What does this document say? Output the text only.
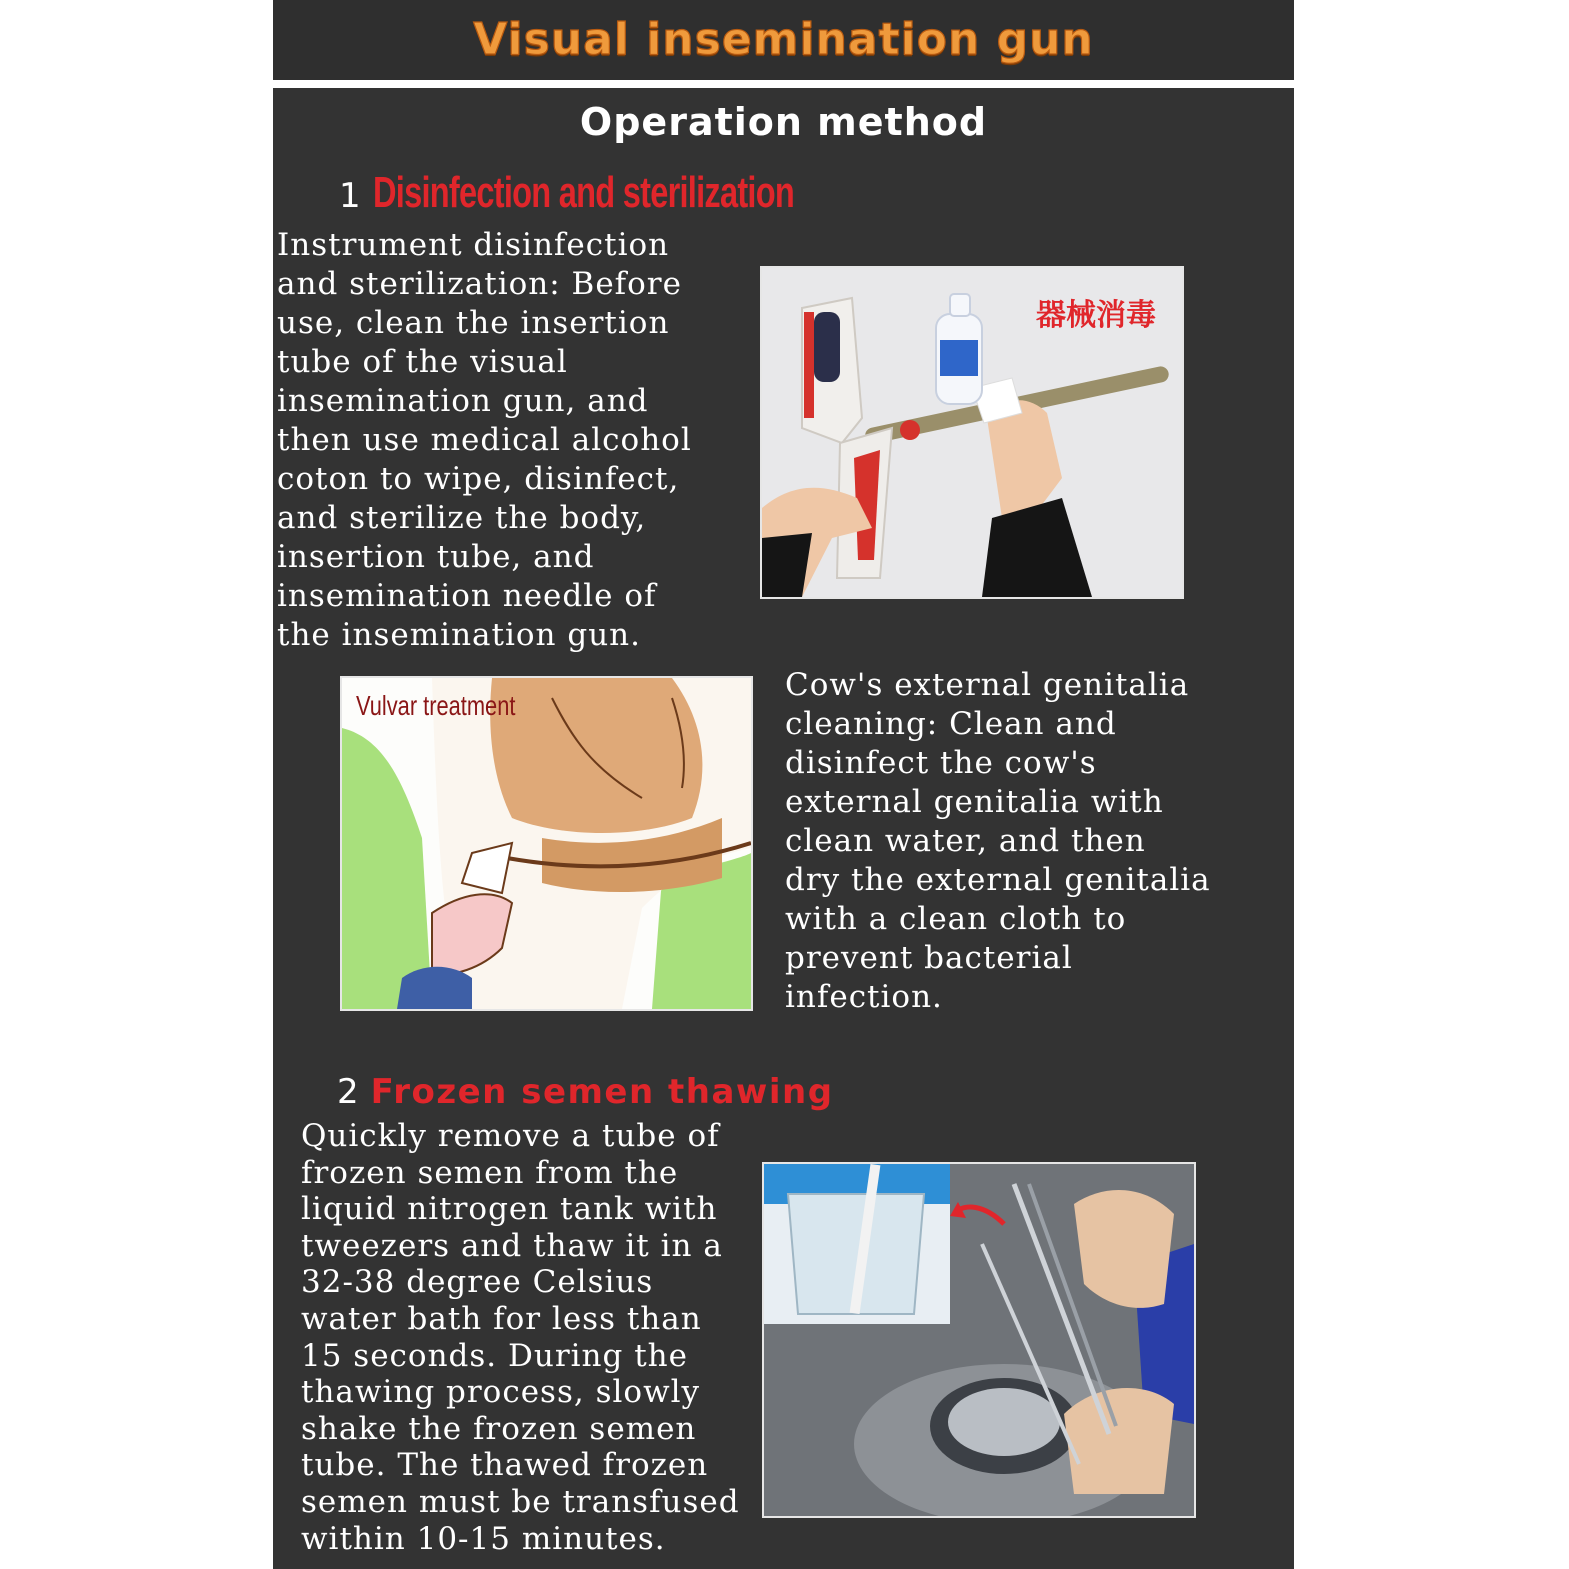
Visual insemination gun
Operation method
1 Disinfection and sterilization
Instrument disinfection
and sterilization: Before
use, clean the insertion
tube of the visual
insemination gun, and
then use medical alcohol
coton to wipe, disinfect,
and sterilize the body,
insertion tube, and
insemination needle of
the insemination gun.
器械消毒
Vulvar treatment
Cow's external genitalia
cleaning: Clean and
disinfect the cow's
external genitalia with
clean water, and then
dry the external genitalia
with a clean cloth to
prevent bacterial
infection.
2 Frozen semen thawing
Quickly remove a tube of
frozen semen from the
liquid nitrogen tank with
tweezers and thaw it in a
32-38 degree Celsius
water bath for less than
15 seconds. During the
thawing process, slowly
shake the frozen semen
tube. The thawed frozen
semen must be transfused
within 10-15 minutes.
